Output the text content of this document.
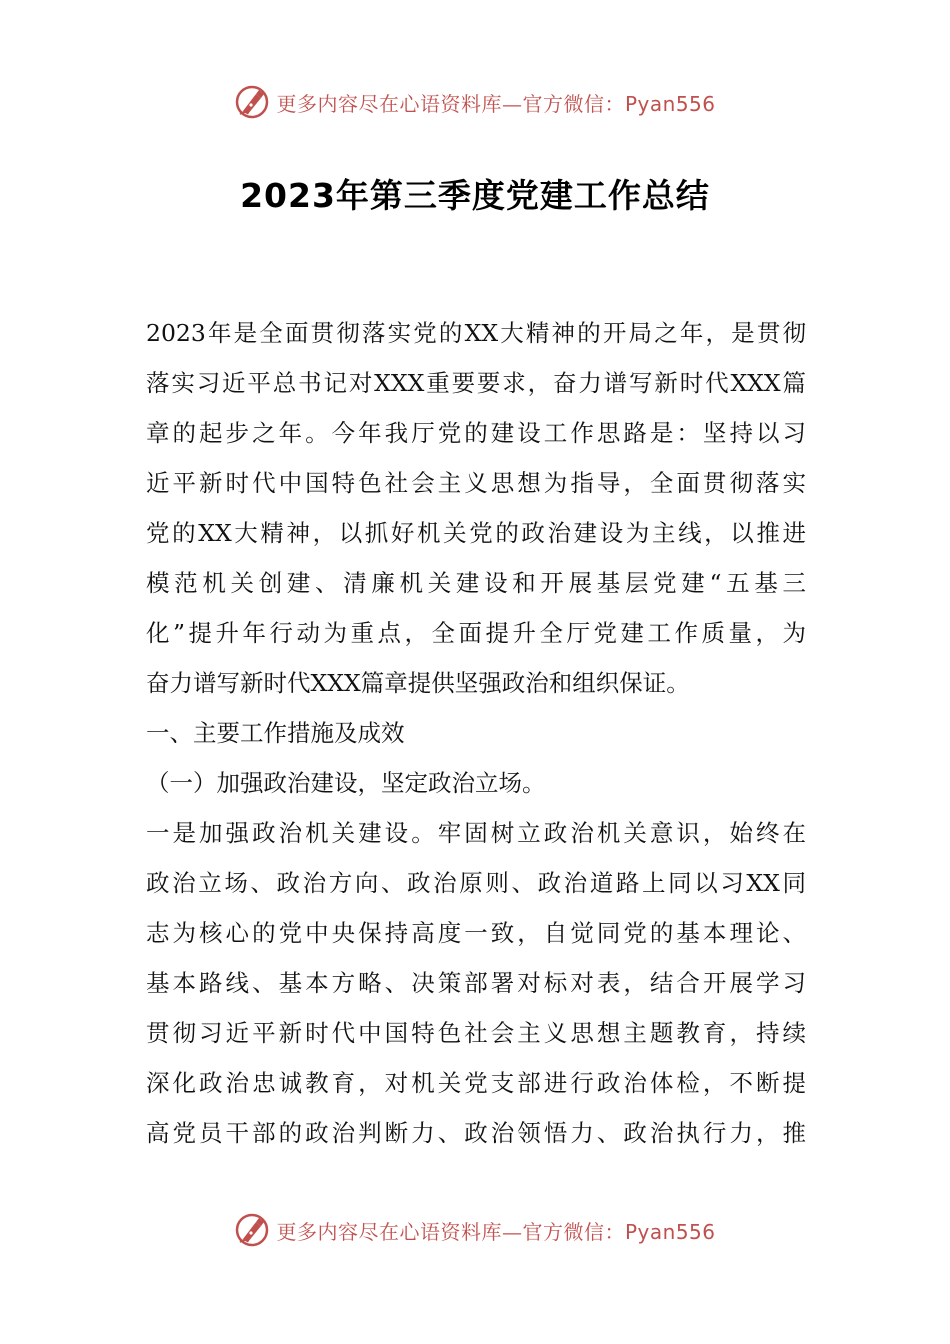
更多内容尽在心语资料库—官方微信：Pyan556
2023年第三季度党建工作总结
2023年是全面贯彻落实党的XX大精神的开局之年，是贯彻
落实习近平总书记对XXX重要要求，奋力谱写新时代XXX篇
章的起步之年。今年我厅党的建设工作思路是：坚持以习
近平新时代中国特色社会主义思想为指导，全面贯彻落实
党的XX大精神，以抓好机关党的政治建设为主线，以推进
模范机关创建、清廉机关建设和开展基层党建“五基三
化”提升年行动为重点，全面提升全厅党建工作质量，为
奋力谱写新时代XXX篇章提供坚强政治和组织保证。
一、主要工作措施及成效
（一）加强政治建设，坚定政治立场。
一是加强政治机关建设。牢固树立政治机关意识，始终在
政治立场、政治方向、政治原则、政治道路上同以习XX同
志为核心的党中央保持高度一致，自觉同党的基本理论、
基本路线、基本方略、决策部署对标对表，结合开展学习
贯彻习近平新时代中国特色社会主义思想主题教育，持续
深化政治忠诚教育，对机关党支部进行政治体检，不断提
高党员干部的政治判断力、政治领悟力、政治执行力，推
更多内容尽在心语资料库—官方微信：Pyan556
